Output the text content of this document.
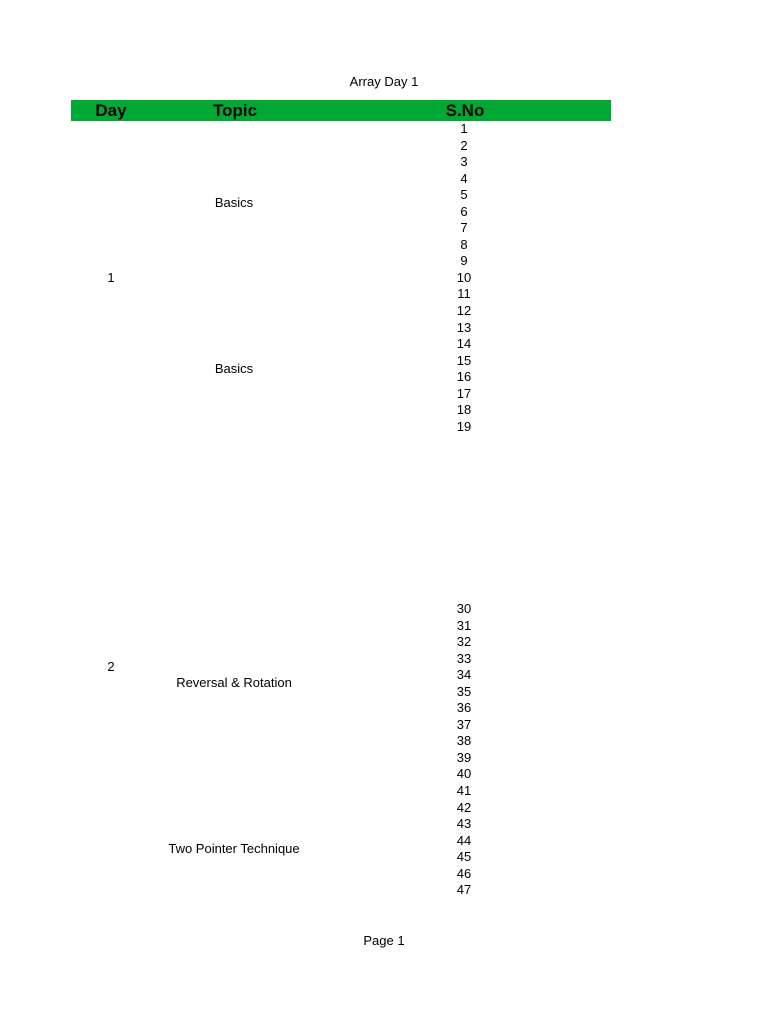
Array Day 1
Day	Topic	S.No
1
2
Basics
Basics
Reversal & Rotation
Two Pointer Technique
1
2
3
4
5
6
7
8
9
10
11
12
13
14
15
16
17
18
19
30
31
32
33
34
35
36
37
38
39
40
41
42
43
44
45
46
47
Page 1
